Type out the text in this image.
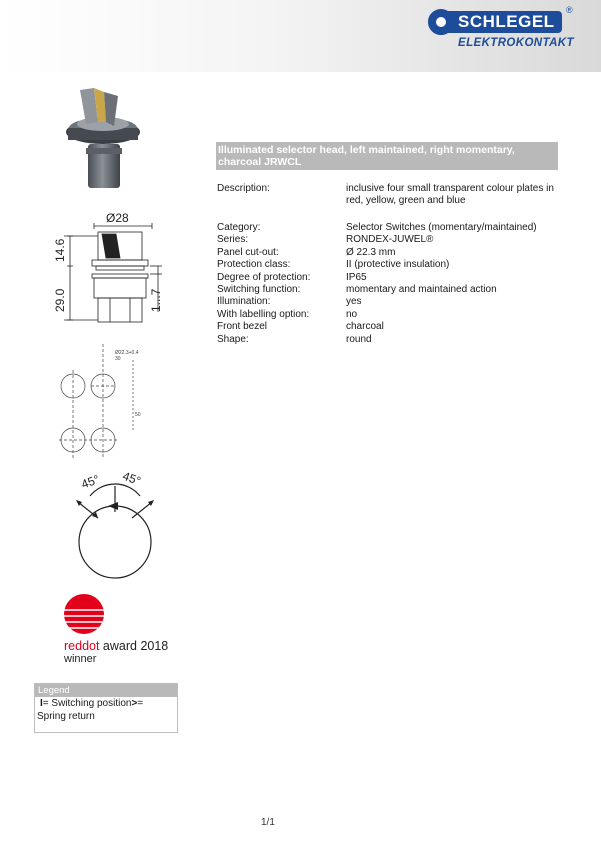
SCHLEGEL
®
ELEKTROKONTAKT
Illuminated selector head, left maintained, right momentary,
charcoal JRWCL
Description:	inclusive four small transparent colour plates in red, yellow, green and blue
Category:	Selector Switches (momentary/maintained)
Series:	RONDEX-JUWEL®
Panel cut-out:	Ø 22.3 mm
Protection class:	II (protective insulation)
Degree of protection:	IP65
Switching function:	momentary and maintained action
Illumination:	yes
With labelling option:	no
Front bezel	charcoal
Shape:	round
Ø28
14.6
29.0	1...7
Ø22.3+0.4
30
50
45° 45°
reddot award 2018
winner
Legend
I= Switching position>=
Spring return
1/1
